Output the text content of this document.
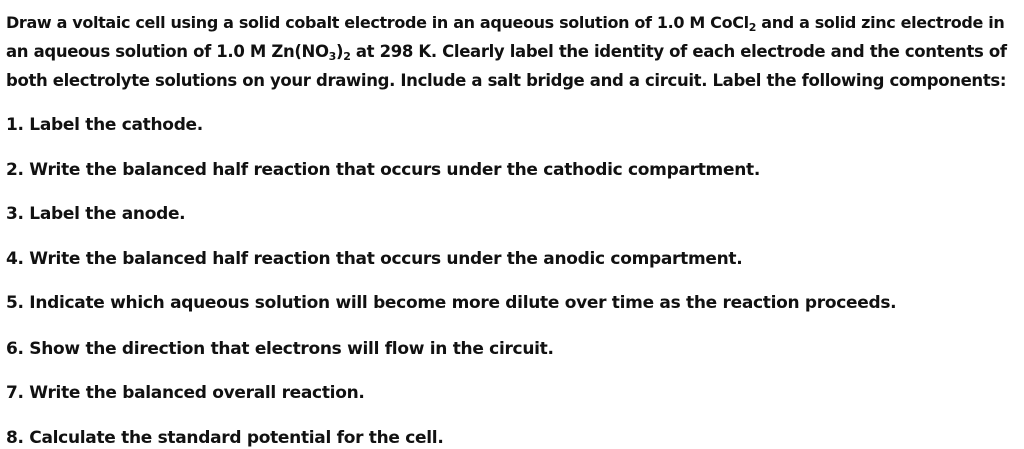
Draw a voltaic cell using a solid cobalt electrode in an aqueous solution of 1.0 M CoCl$_2$ and a solid zinc electrode in
an aqueous solution of 1.0 M $Zn(NO_3)_2$ at 298 K. Clearly label the identity of each electrode and the contents of
both electrolyte solutions on your drawing. Include a salt bridge and a circuit. Label the following components:

1. Label the cathode.
2. Write the balanced half reaction that occurs under the cathodic compartment.
3. Label the anode.
4. Write the balanced half reaction that occurs under the anodic compartment.
5. Indicate which aqueous solution will become more dilute over time as the reaction proceeds.
6. Show the direction that electrons will flow in the circuit.
7. Write the balanced overall reaction.
8. Calculate the standard potential for the cell.
